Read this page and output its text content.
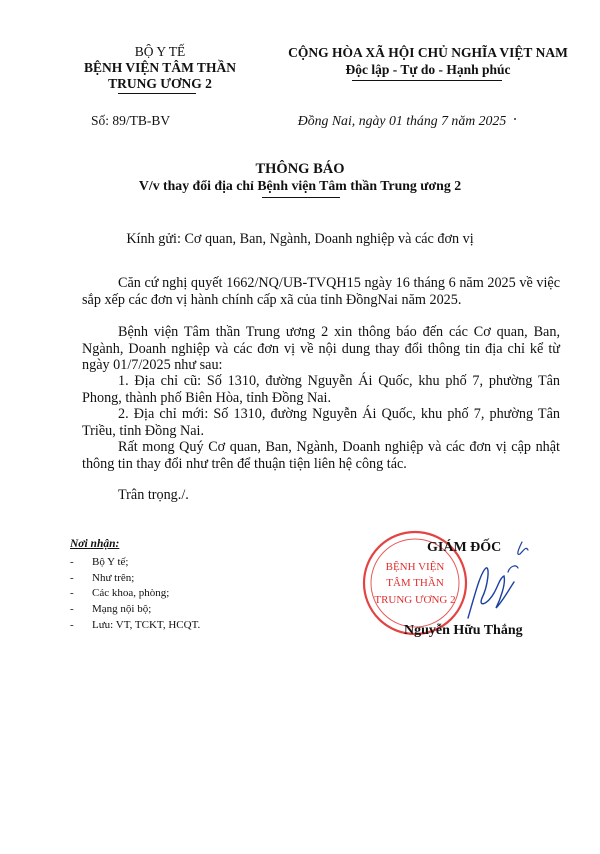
BỘ Y TẾ
BỆNH VIỆN TÂM THẦN
TRUNG ƯƠNG 2
Số: 89/TB-BV
CỘNG HÒA XÃ HỘI CHỦ NGHĨA VIỆT NAM
Độc lập - Tự do - Hạnh phúc
Đồng Nai, ngày 01 tháng 7 năm 2025
THÔNG BÁO
V/v thay đổi địa chỉ Bệnh viện Tâm thần Trung ương 2
Kính gửi: Cơ quan, Ban, Ngành, Doanh nghiệp và các đơn vị
Căn cứ nghị quyết 1662/NQ/UB-TVQH15 ngày 16 tháng 6 năm 2025 về việc sắp xếp các đơn vị hành chính cấp xã của tỉnh ĐồngNai năm 2025.
Bệnh viện Tâm thần Trung ương 2 xin thông báo đến các Cơ quan, Ban, Ngành, Doanh nghiệp và các đơn vị về nội dung thay đổi thông tin địa chỉ kể từ ngày 01/7/2025 như sau:
1. Địa chỉ cũ: Số 1310, đường Nguyễn Ái Quốc, khu phố 7, phường Tân Phong, thành phố Biên Hòa, tỉnh Đồng Nai.
2. Địa chỉ mới: Số 1310, đường Nguyễn Ái Quốc, khu phố 7, phường Tân Triều, tỉnh Đồng Nai.
Rất mong Quý Cơ quan, Ban, Ngành, Doanh nghiệp và các đơn vị cập nhật thông tin thay đổi như trên để thuận tiện liên hệ công tác.
Trân trọng./.
Nơi nhận:
- Bộ Y tế;
- Như trên;
- Các khoa, phòng;
- Mạng nội bộ;
- Lưu: VT, TCKT, HCQT.
BỆNH VIỆN
TÂM THẦN
TRUNG ƯƠNG 2
GIÁM ĐỐC
Nguyễn Hữu Thắng
